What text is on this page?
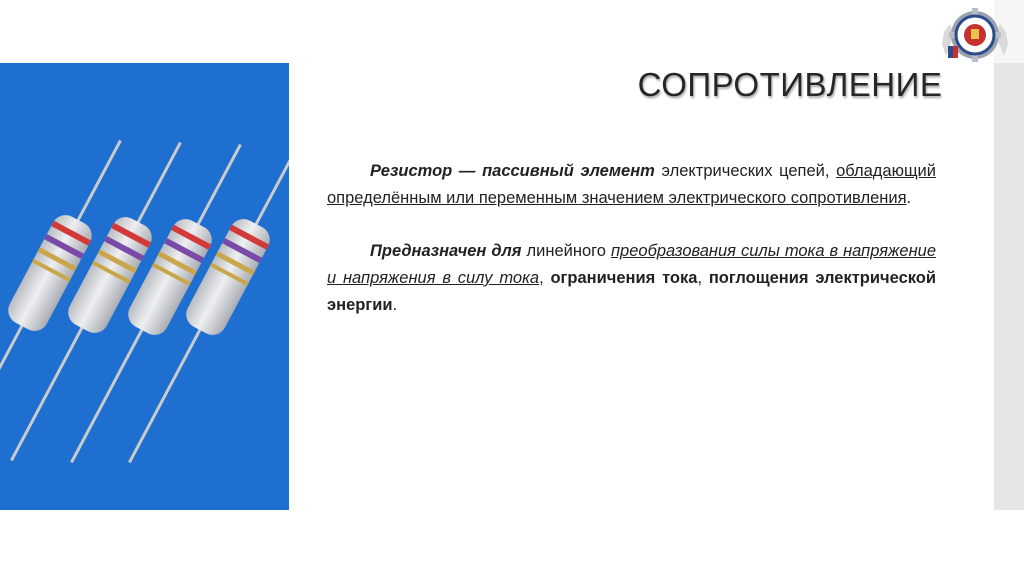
СОПРОТИВЛЕНИЕ

Резистор — пассивный элемент электрических цепей, обладающий определённым или переменным значением электрического сопротивления.

Предназначен для линейного преобразования силы тока в напряжение и напряжения в силу тока, ограничения тока, поглощения электрической энергии.
